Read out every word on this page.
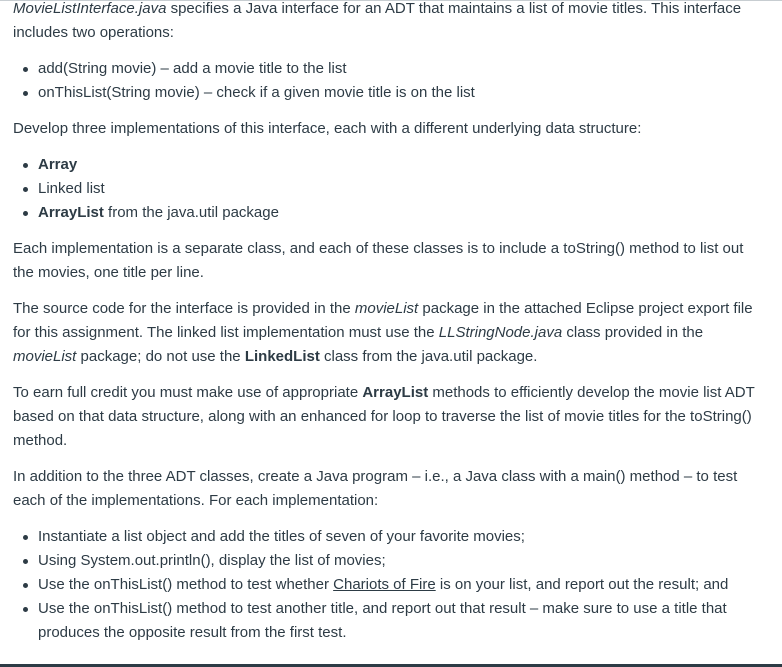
MovieListInterface.java specifies a Java interface for an ADT that maintains a list of movie titles. This interface includes two operations:

add(String movie) – add a movie title to the list
onThisList(String movie) – check if a given movie title is on the list

Develop three implementations of this interface, each with a different underlying data structure:

Array
Linked list
ArrayList from the java.util package

Each implementation is a separate class, and each of these classes is to include a toString() method to list out the movies, one title per line.

The source code for the interface is provided in the movieList package in the attached Eclipse project export file for this assignment. The linked list implementation must use the LLStringNode.java class provided in the movieList package; do not use the LinkedList class from the java.util package.

To earn full credit you must make use of appropriate ArrayList methods to efficiently develop the movie list ADT based on that data structure, along with an enhanced for loop to traverse the list of movie titles for the toString() method.

In addition to the three ADT classes, create a Java program – i.e., a Java class with a main() method – to test each of the implementations. For each implementation:

Instantiate a list object and add the titles of seven of your favorite movies;
Using System.out.println(), display the list of movies;
Use the onThisList() method to test whether Chariots of Fire is on your list, and report out the result; and
Use the onThisList() method to test another title, and report out that result – make sure to use a title that produces the opposite result from the first test.
